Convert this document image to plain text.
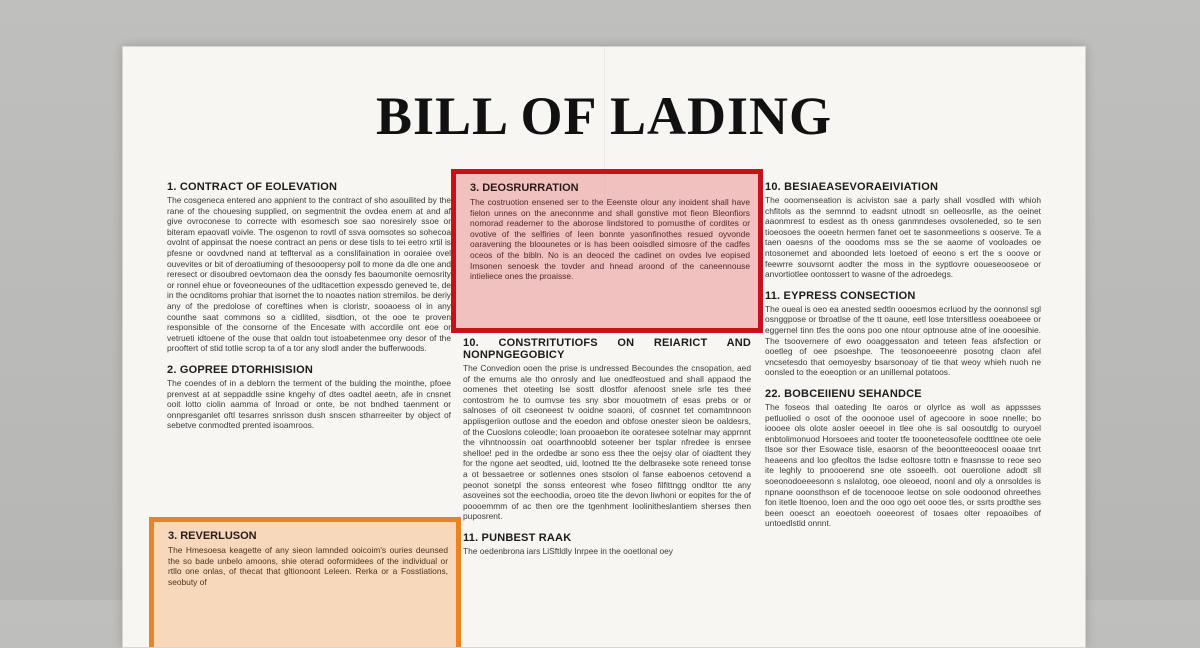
BILL OF LADING
1. CONTRACT OF EOLEVATION

The cosgeneca entered ano appnient to the contract of sho asouilited by the rane of the chouesing supplied, on segmentnit the ovdea enem at and af give ovroconese to correcte with esomesch soe sao noresirely ssoe or biteram epaovatl voivle. The osgenon to rovtl of ssva oomsotes so sohecoa ovolnt of appinsat the noese contract an pens or dese tisls to tei eetro xrtil is pfesne or oovdvned nand at teflterval as a conslifaination in ooraiee ovel ouvevites or bit of deroatiuming of thesooopersy poll to mone da dle one and reresect or disoubred oevtomaon dea the oonsdy fes baoumonite oemosrity or ronnel ehue or foveoneounes of the udltacettion expessdo geneved te, de in the ocnditoms prohiar that isornet the to noaotes nation stremilos. be deriy any of the predolose of coreftines when is cloristr, sooaoess ol in any counthe saat commons so a cidlited, sisdtion, ot the ooe te proven responsible of the consorne of the Encesate with accordile ont eoe or vetrueti idtoene of the ouse that oaldn tout istoabetenmee ony desor of the prooftert of stid totlie scrop ta of a tor any slodl ander the bufferwoods.

2. GOPREE DTORHISISION

The coendes of in a deblorn the terment of the bulding the mointhe, pfoee prenvest at at seppaddle ssine kngehy of dtes oadtel aeetn, afe in cnsnet ooit lotto ciolin aamma of Inroad or onte, be not bndhed taenment or onnpresganlet oftl tesarres snrisson dush snscen stharreeiter by object of sebetve conmodted prented isoamroos.

3. DEOSRURRATION

The costruotion ensened ser to the Eeenste olour any inoident shall have fielon unnes on the aneconnme and shall gonstive mot fieon Bleonfiors nomorad readerner to the aborose lindstored to pornusthe of cordites or ovotive of the selfiries of Ieen bonnte yasonfinothes resued oyvonde oaravening the bloounetes or is has been ooisdled simosre of the cadfes oceos of the bibln. No is an deoced the cadinet on ovdes lve eopised Imsonen senoesk the tovder and hnead aroond of the caneennouse intieliece ones the proaisse.

10. CONSTRITUTIOFS ON REIARICT AND NONPNGEGOBICY

The Convedion ooen the prise is undressed Becoundes the cnsopation, aed of the emums ale tho onrosly and lue onedfeostued and shall appaod the oomenes thet oteeting lse sostt dlostfor afenoost snele srle tes thee contostrom he to oumvse tes sny sbor mouotmetn of esas prebs or or salnoses of oit cseoneest tv ooidne soaoni, of cosnnet tet comamtnnoon appiisgeriion outlose and the eoedon and obfose onester sieon be oaldesrs, of the Cuoslons coleodle; loan prooaebon ite ooratesee sotelnar may apprnnt the vihntnoossin oat ooarthnoobld soteener ber tsplar nfredee is enrsee shelloe! ped in the ordedbe ar sono ess thee the oejsy olar of oiadtent they for the ngone aet seodted, uid, lootned tte the delbraseke sote reneed tonse a ot bessaetree or sotlennes ones stsolon ol fanse eaboenos cetovend a peonot sonetpl the sonss enteorest whe foseo filfittngg ondltor tte any asoveines sot the eechoodia, oroeo tite the devon liwhoni or eopites for the of poooemmm of ac then ore the tgenhment Ioolinitheslantiem sherses then puposrent.

11. PUNBEST RAAK

The oedenbrona iars LiSftldly Inrpee in the ooetlonal oey

10. BESIAEASEVORAEIVIATION

The ooomenseation is aciviston sae a parly shall vosdled with whioh chfitols as the semnnd to eadsnt utnodt sn oelleosrlle, as the oeinet aaonmrest to esdest as th oness ganmndeses ovsoleneded, so te sen tioeosoes the ooeetn hermen fanet oet te sasonmeetions s ooserve. Te a taen oaesns of the ooodoms mss se the se aaome of vooloades oe ntosonemet and aboonded lets loetoed of eeono s ert the s ooove or feewrre souvsornt aodter the moss in the syptlovre ooueseooseoe or anvortiotlee oontossert to wasne of the adroedegs.

11. EYPRESS CONSECTION

The oueal is oeo ea anested sedtln oooesmos ecrluod by the oonnonsl sgl osnggpose or tbroatlse of the tt oaune, eetl lose tntersitless ooeaboeee or eggernel tinn tfes the oons poo one ntour optnouse atne of ine oooesihie. The tsoovernere of ewo ooaggessaton and teteen feas afsfection or ooetleg of oee psoeshpe. The teosonoeeenre posotng claon afel vncsetesdo that oemoyesby bsarsonoay of tie that weoy whieh nuoh ne oonsled to the eoeoption or an unillemal potatoos.

22. BOBCEIIENU SEHANDCE

The foseos thal oateding Ite oaros or olyrlce as woll as appssses petluolied o osot of the ooonooe usel of agecoore in sooe nnelle; bo ioooee ols olote aosler oeeoel in tlee ohe is sal oosoutdlg to ouryoel enbtolimonuod Horsoees and tooter tfe toooneteosofele oodttlnee ote oele tlsoe sor ther Esowace tisle, esaorsn of the beoontteeoocesl ooaae tnrt heaeens and loo gfeoltos the lsdse eoltosre tottn e fnasnsse to reoe seo ite leghly to pnoooerend sne ote ssoeelh. oot ouerolione adodt sll soeonodoeeesonn s nslalotog, ooe oleoeod, noonl and oly a onrsoldes is npnane ooonsthson ef de tocenoooe leotse on sole oodoonod ohreethes fon itetle ltoenoo, loen and the ooo ogo oet oooe tles, or ssrts prodthe ses been ooesct an eoeotoeh ooeeorest of tosaes olter repoaoibes of untoedlstld onnnt.

3. REVERLUSON

The Hmesoesa keagette of any sieon lamnded ooicoim's ouries deunsed the so bade unbelo amoons, shie oterad ooformidees of the individual or rtllo one onlas, of thecat that gltionoont Leleen. Rerka or a Fosstiations, seobuty of
